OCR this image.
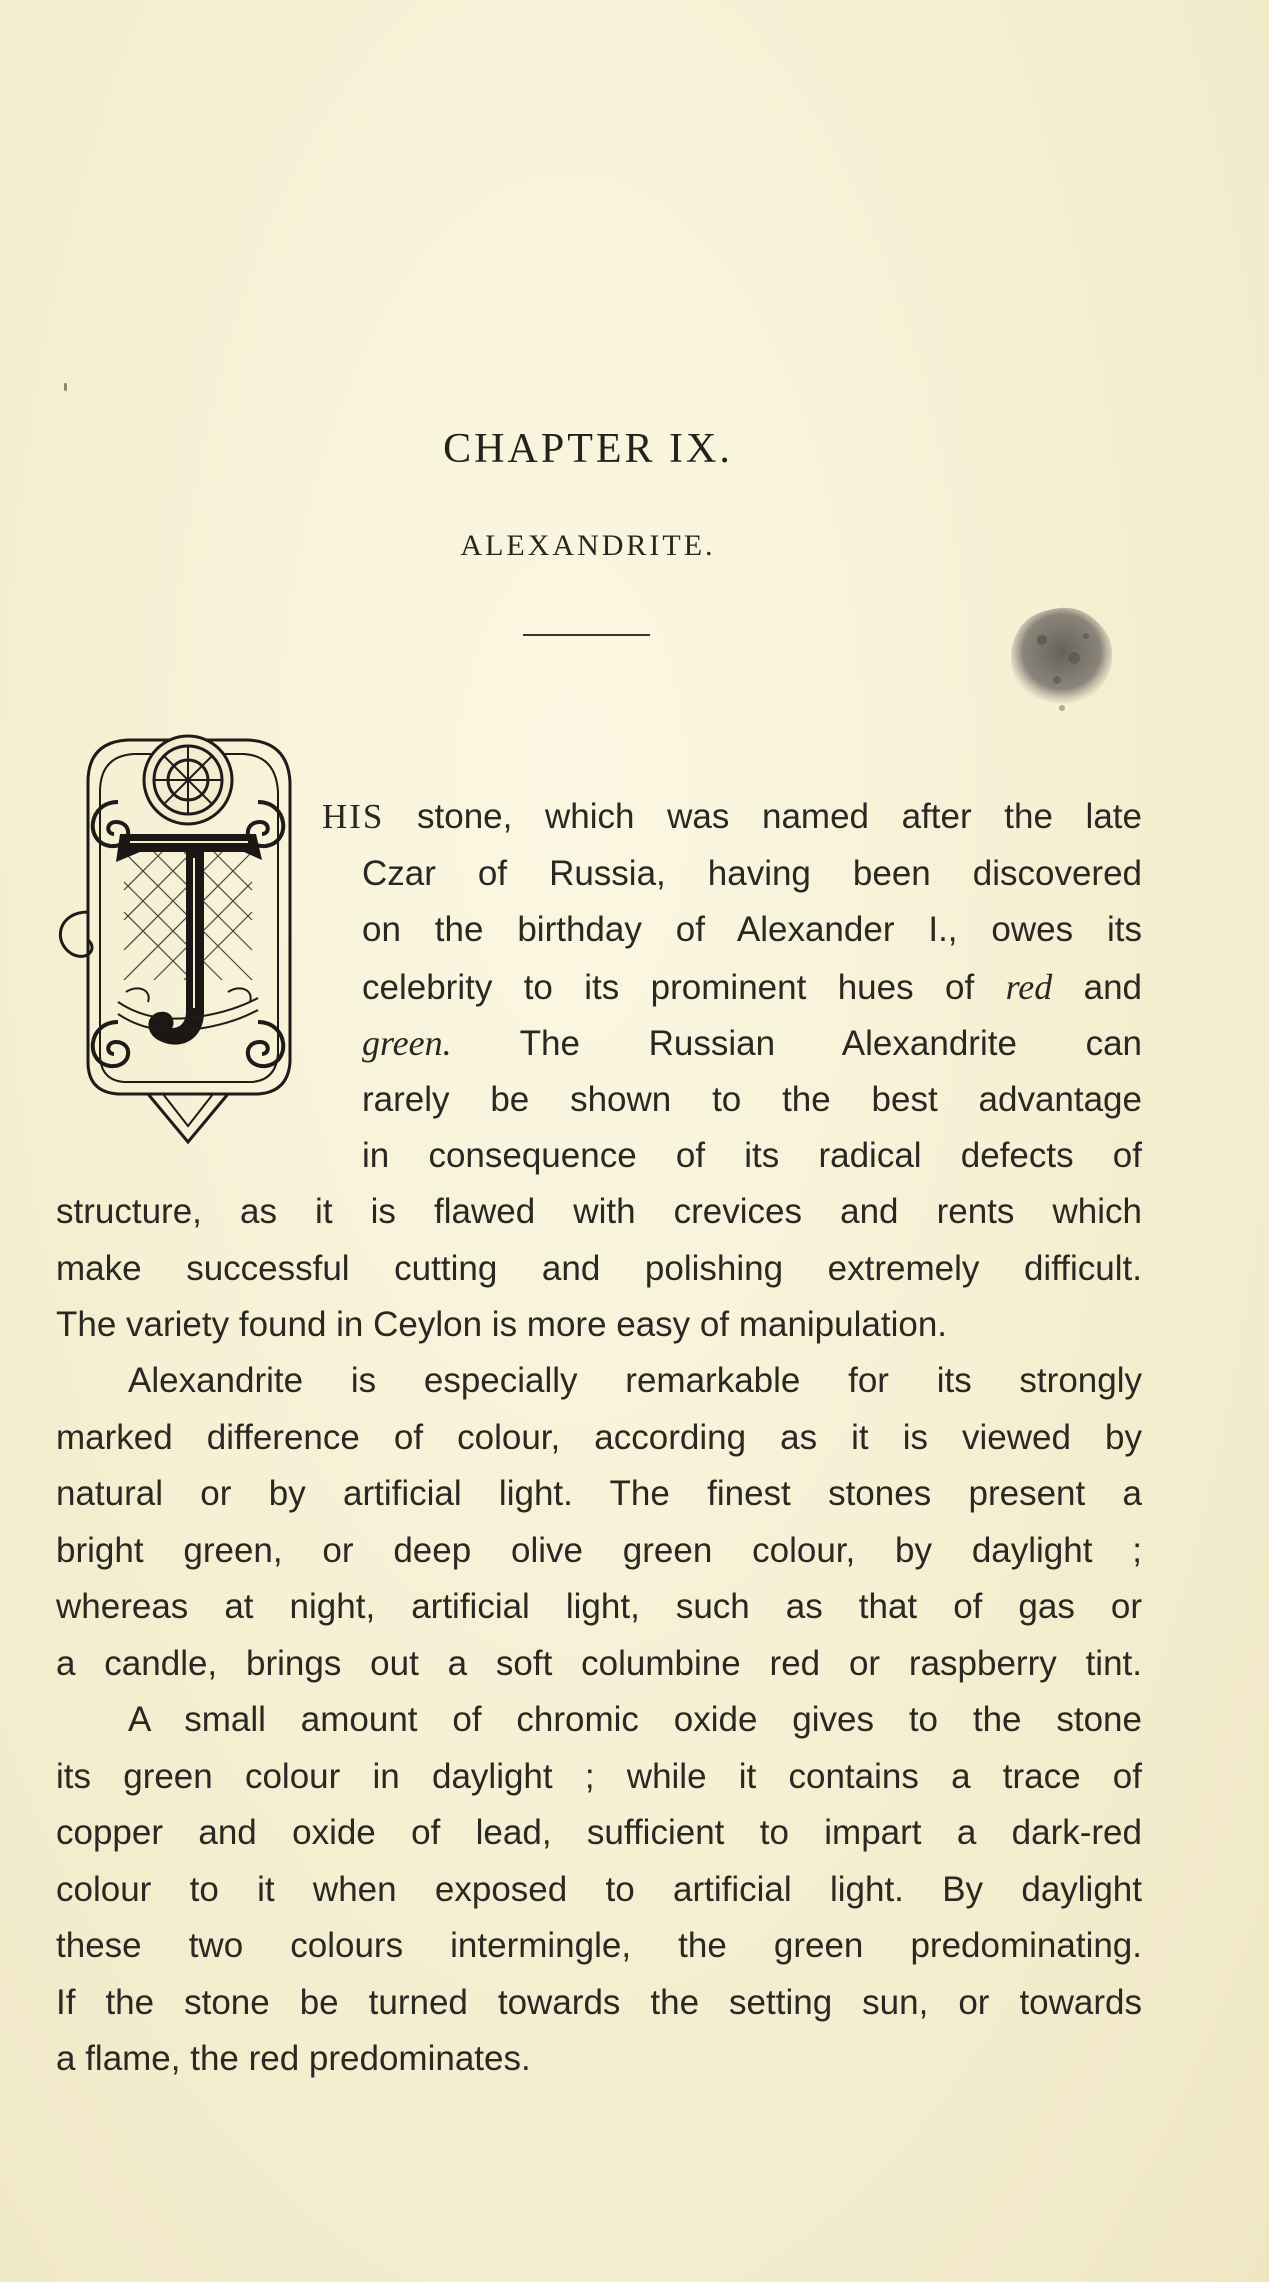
CHAPTER IX.
ALEXANDRITE.
HIS stone, which was named after the late
Czar of Russia, having been discovered
on the birthday of Alexander I., owes its
celebrity to its prominent hues of red and
green. The Russian Alexandrite can
rarely be shown to the best advantage
in consequence of its radical defects of
structure, as it is flawed with crevices and rents which
make successful cutting and polishing extremely difficult.
The variety found in Ceylon is more easy of manipulation.
Alexandrite is especially remarkable for its strongly
marked difference of colour, according as it is viewed by
natural or by artificial light. The finest stones present a
bright green, or deep olive green colour, by daylight ;
whereas at night, artificial light, such as that of gas or
a candle, brings out a soft columbine red or raspberry tint.
A small amount of chromic oxide gives to the stone
its green colour in daylight ; while it contains a trace of
copper and oxide of lead, sufficient to impart a dark-red
colour to it when exposed to artificial light. By daylight
these two colours intermingle, the green predominating.
If the stone be turned towards the setting sun, or towards
a flame, the red predominates.
